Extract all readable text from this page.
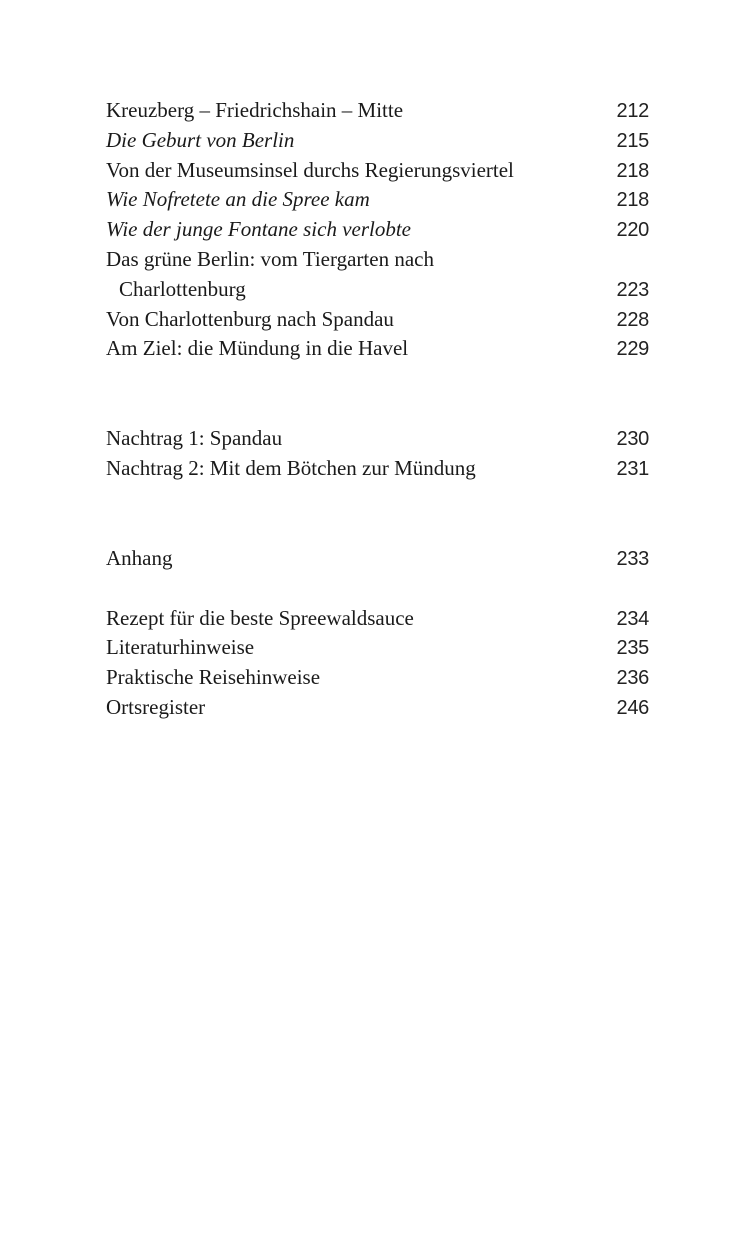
Kreuzberg – Friedrichshain – Mitte	212
Die Geburt von Berlin	215
Von der Museumsinsel durchs Regierungsviertel	218
Wie Nofretete an die Spree kam	218
Wie der junge Fontane sich verlobte	220
Das grüne Berlin: vom Tiergarten nach
Charlottenburg	223
Von Charlottenburg nach Spandau	228
Am Ziel: die Mündung in die Havel	229
Nachtrag 1: Spandau	230
Nachtrag 2: Mit dem Bötchen zur Mündung	231
Anhang	233
Rezept für die beste Spreewaldsauce	234
Literaturhinweise	235
Praktische Reisehinweise	236
Ortsregister	246
